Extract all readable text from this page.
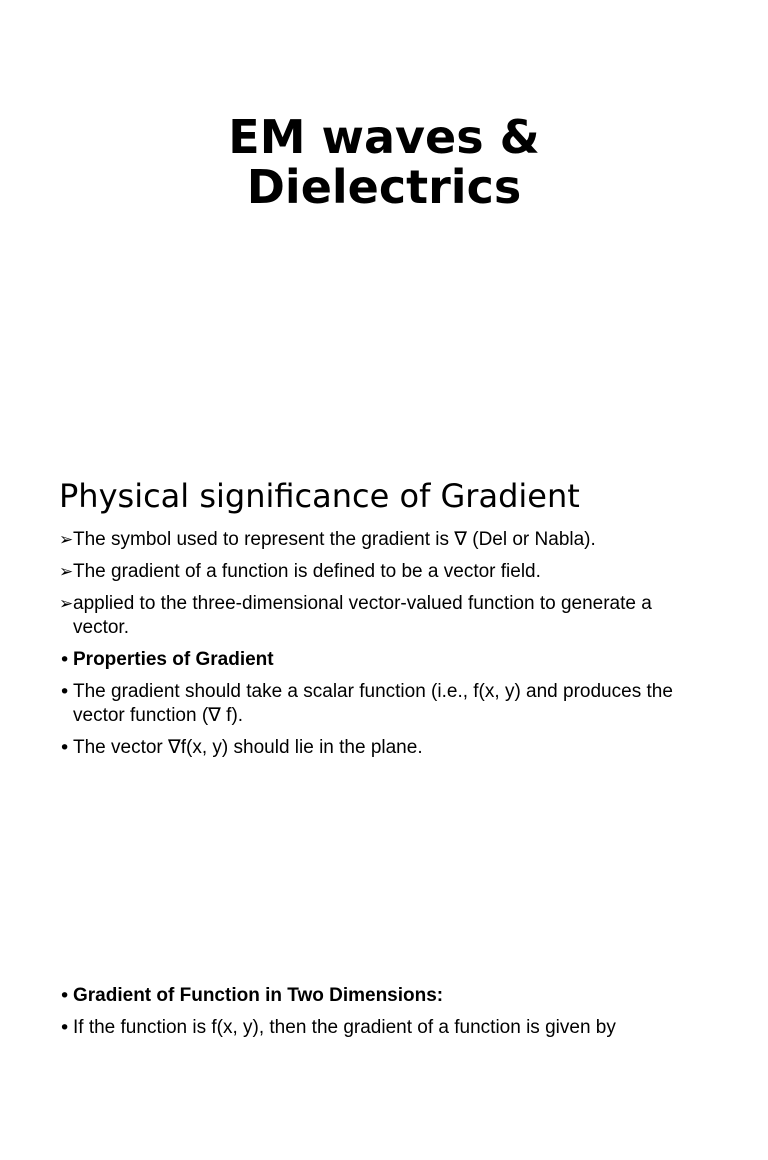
EM waves &
Dielectrics
Physical significance of Gradient
➢ The symbol used to represent the gradient is ∇ (Del or Nabla).
➢ The gradient of a function is defined to be a vector field.
➢ applied to the three-dimensional vector-valued function to generate a vector.
• Properties of Gradient
• The gradient should take a scalar function (i.e., f(x, y) and produces the vector function (∇ f).
• The vector ∇f(x, y) should lie in the plane.
• Gradient of Function in Two Dimensions:
• If the function is f(x, y), then the gradient of a function is given by
